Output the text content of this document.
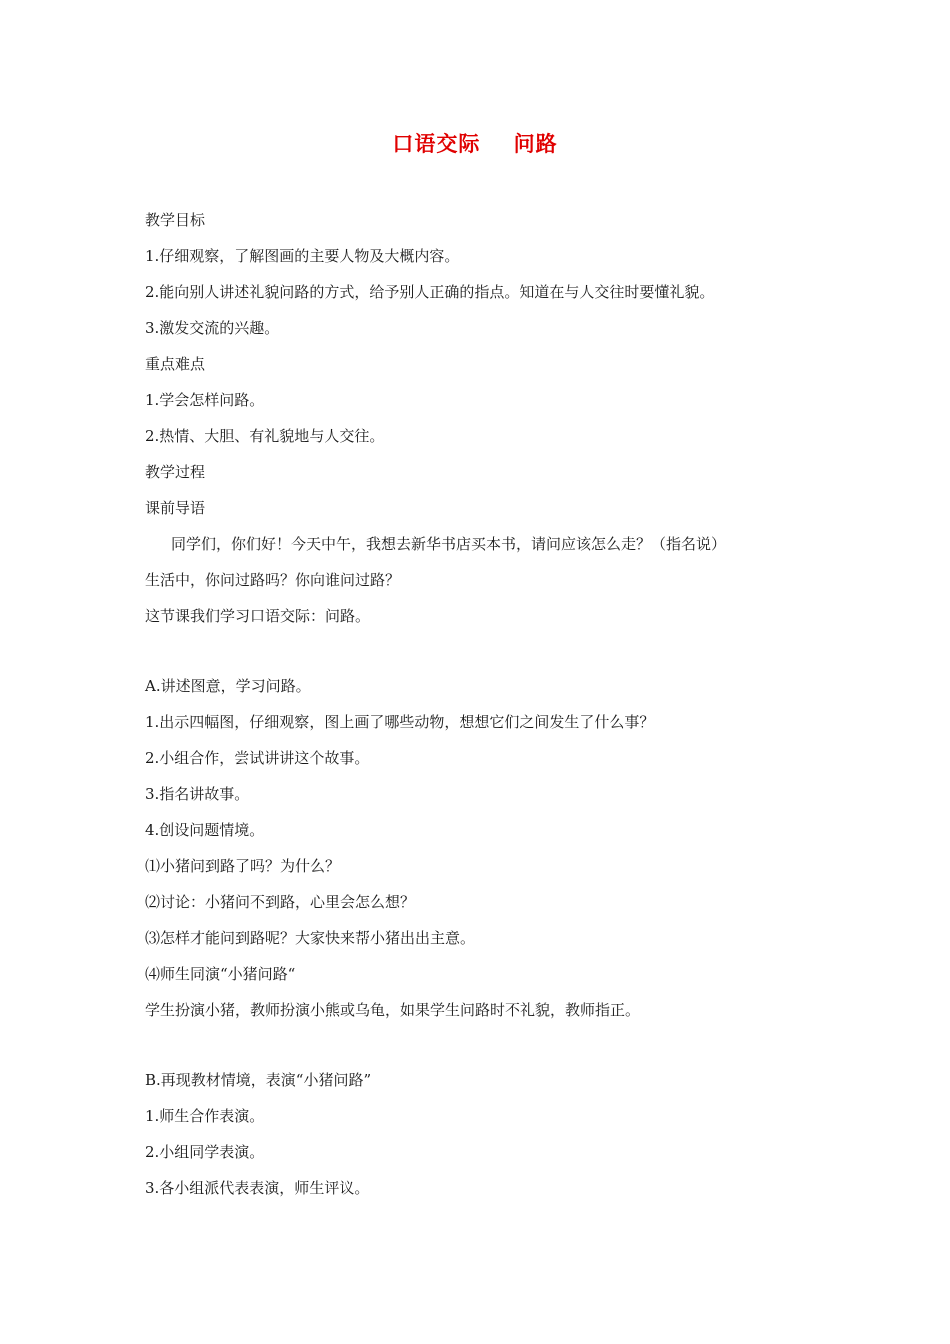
口语交际    问路
教学目标
1.仔细观察，了解图画的主要人物及大概内容。
2.能向别人讲述礼貌问路的方式，给予别人正确的指点。知道在与人交往时要懂礼貌。
3.激发交流的兴趣。
重点难点
1.学会怎样问路。
2.热情、大胆、有礼貌地与人交往。
教学过程
课前导语
同学们，你们好！今天中午，我想去新华书店买本书，请问应该怎么走？（指名说）
生活中，你问过路吗？你向谁问过路？
这节课我们学习口语交际：问路。
A.讲述图意，学习问路。
1.出示四幅图，仔细观察，图上画了哪些动物，想想它们之间发生了什么事？
2.小组合作，尝试讲讲这个故事。
3.指名讲故事。
4.创设问题情境。
⑴小猪问到路了吗？为什么？
⑵讨论：小猪问不到路，心里会怎么想？
⑶怎样才能问到路呢？大家快来帮小猪出出主意。
⑷师生同演“小猪问路“
学生扮演小猪，教师扮演小熊或乌龟，如果学生问路时不礼貌，教师指正。
B.再现教材情境，表演“小猪问路”
1.师生合作表演。
2.小组同学表演。
3.各小组派代表表演，师生评议。
